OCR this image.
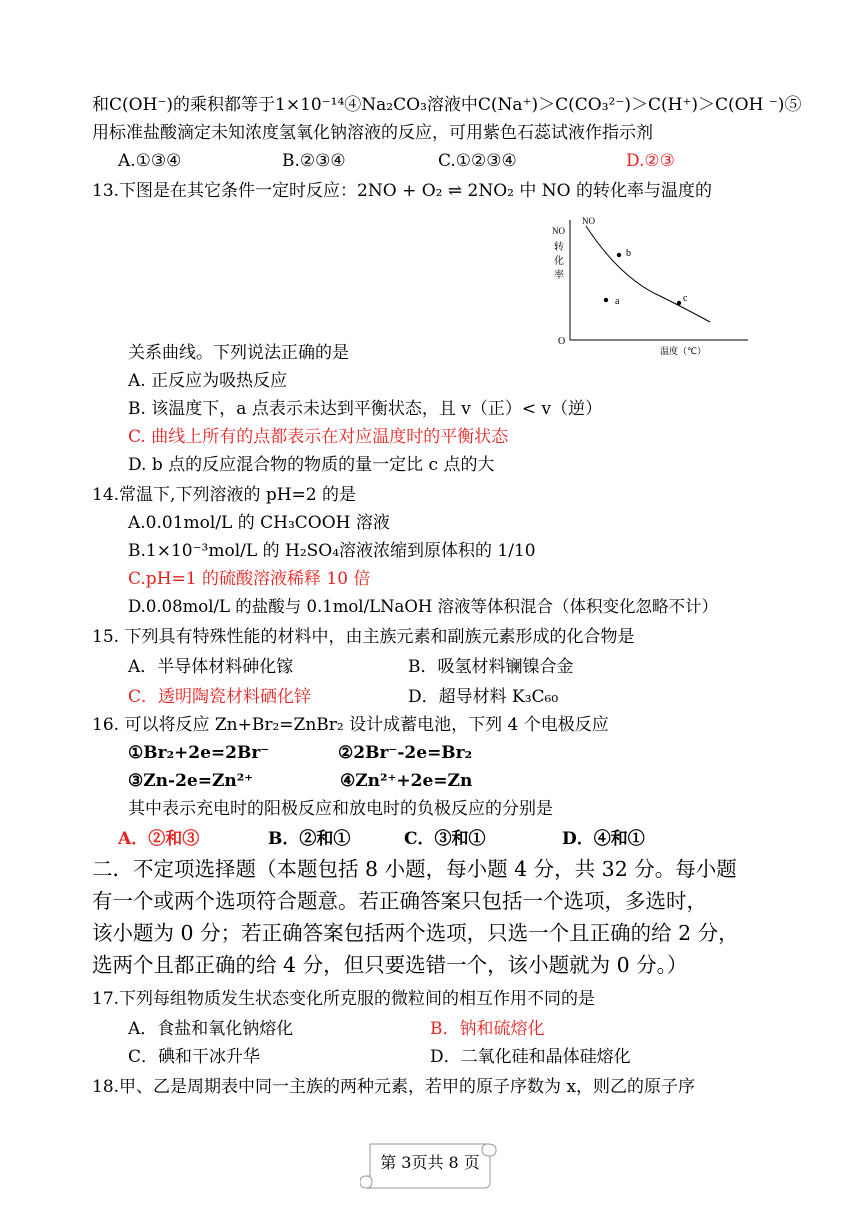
和C(OH⁻)的乘积都等于1×10⁻¹⁴④Na₂CO₃溶液中C(Na⁺)＞C(CO₃²⁻)＞C(H⁺)＞C(OH ⁻)⑤
用标准盐酸滴定未知浓度氢氧化钠溶液的反应，可用紫色石蕊试液作指示剂
A.①③④	B.②③④	C.①②③④	D.②③
13.下图是在其它条件一定时反应：2NO + O₂ ⇌ 2NO₂ 中 NO 的转化率与温度的
NO
NO
转
化
率
b
a	c
O
温度（℃）
关系曲线。下列说法正确的是
A. 正反应为吸热反应
B. 该温度下，a 点表示未达到平衡状态，且 v（正）< v（逆）
C. 曲线上所有的点都表示在对应温度时的平衡状态
D. b 点的反应混合物的物质的量一定比 c 点的大
14.常温下,下列溶液的 pH=2 的是
A.0.01mol/L 的 CH₃COOH 溶液
B.1×10⁻³mol/L 的 H₂SO₄溶液浓缩到原体积的 1/10
C.pH=1 的硫酸溶液稀释 10 倍
D.0.08mol/L 的盐酸与 0.1mol/LNaOH 溶液等体积混合（体积变化忽略不计）
15. 下列具有特殊性能的材料中，由主族元素和副族元素形成的化合物是
A．半导体材料砷化镓	B．吸氢材料镧镍合金
C．透明陶瓷材料硒化锌	D．超导材料 K₃C₆₀
16. 可以将反应 Zn+Br₂=ZnBr₂ 设计成蓄电池，下列 4 个电极反应
①Br₂+2e=2Br⁻	②2Br⁻-2e=Br₂
③Zn-2e=Zn²⁺	④Zn²⁺+2e=Zn
其中表示充电时的阳极反应和放电时的负极反应的分别是
A．②和③	B．②和①	C．③和①	D．④和①
二．不定项选择题（本题包括 8 小题，每小题 4 分，共 32 分。每小题
有一个或两个选项符合题意。若正确答案只包括一个选项，多选时，
该小题为 0 分；若正确答案包括两个选项，只选一个且正确的给 2 分，
选两个且都正确的给 4 分，但只要选错一个，该小题就为 0 分。）
17.下列每组物质发生状态变化所克服的微粒间的相互作用不同的是
A．食盐和氧化钠熔化	B．钠和硫熔化
C．碘和干冰升华	D．二氧化硅和晶体硅熔化
18.甲、乙是周期表中同一主族的两种元素，若甲的原子序数为 x，则乙的原子序
第 3页共 8 页
